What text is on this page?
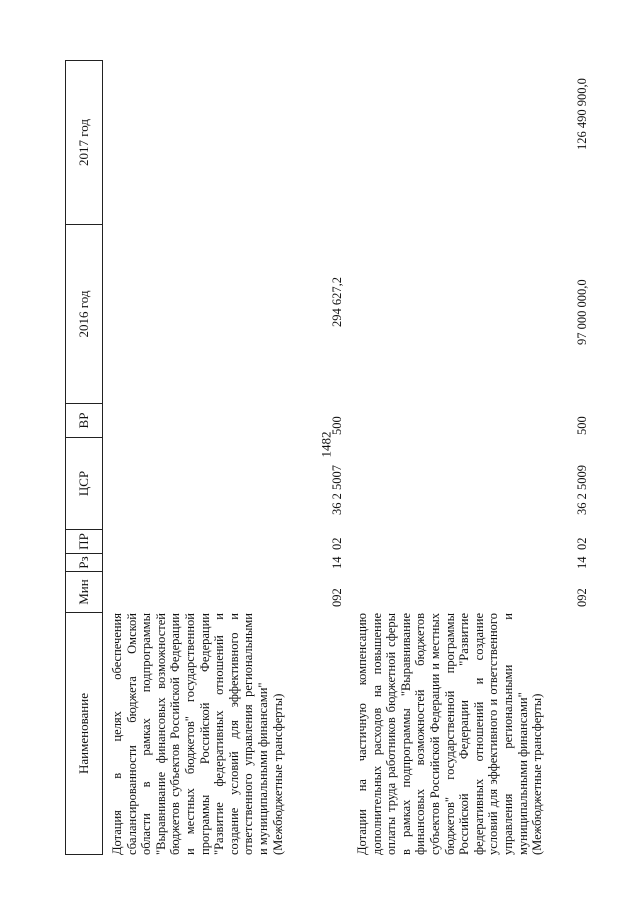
1482
Наименование
Мин
Рз
ПР
ЦСР
ВР
2016 год
2017 год
Дотация в целях обеспечения сбалансированности бюджета Омской области в рамках подпрограммы "Выравнивание финансовых возможностей бюджетов субъектов Российской Федерации и местных бюджетов" государственной программы Российской Федерации "Развитие федеративных отношений и создание условий для эффективного и ответственного управления региональными и муниципальными финансами" (Межбюджетные трансферты)
092
14
02
36 2 5007
500
294 627,2
Дотации на частичную компенсацию дополнительных расходов на повышение оплаты труда работников бюджетной сферы в рамках подпрограммы "Выравнивание финансовых возможностей бюджетов субъектов Российской Федерации и местных бюджетов" государственной программы Российской Федерации "Развитие федеративных отношений и создание условий для эффективного и ответственного управления региональными и муниципальными финансами" (Межбюджетные трансферты)
092
14
02
36 2 5009
500
97 000 000,0
126 490 900,0
